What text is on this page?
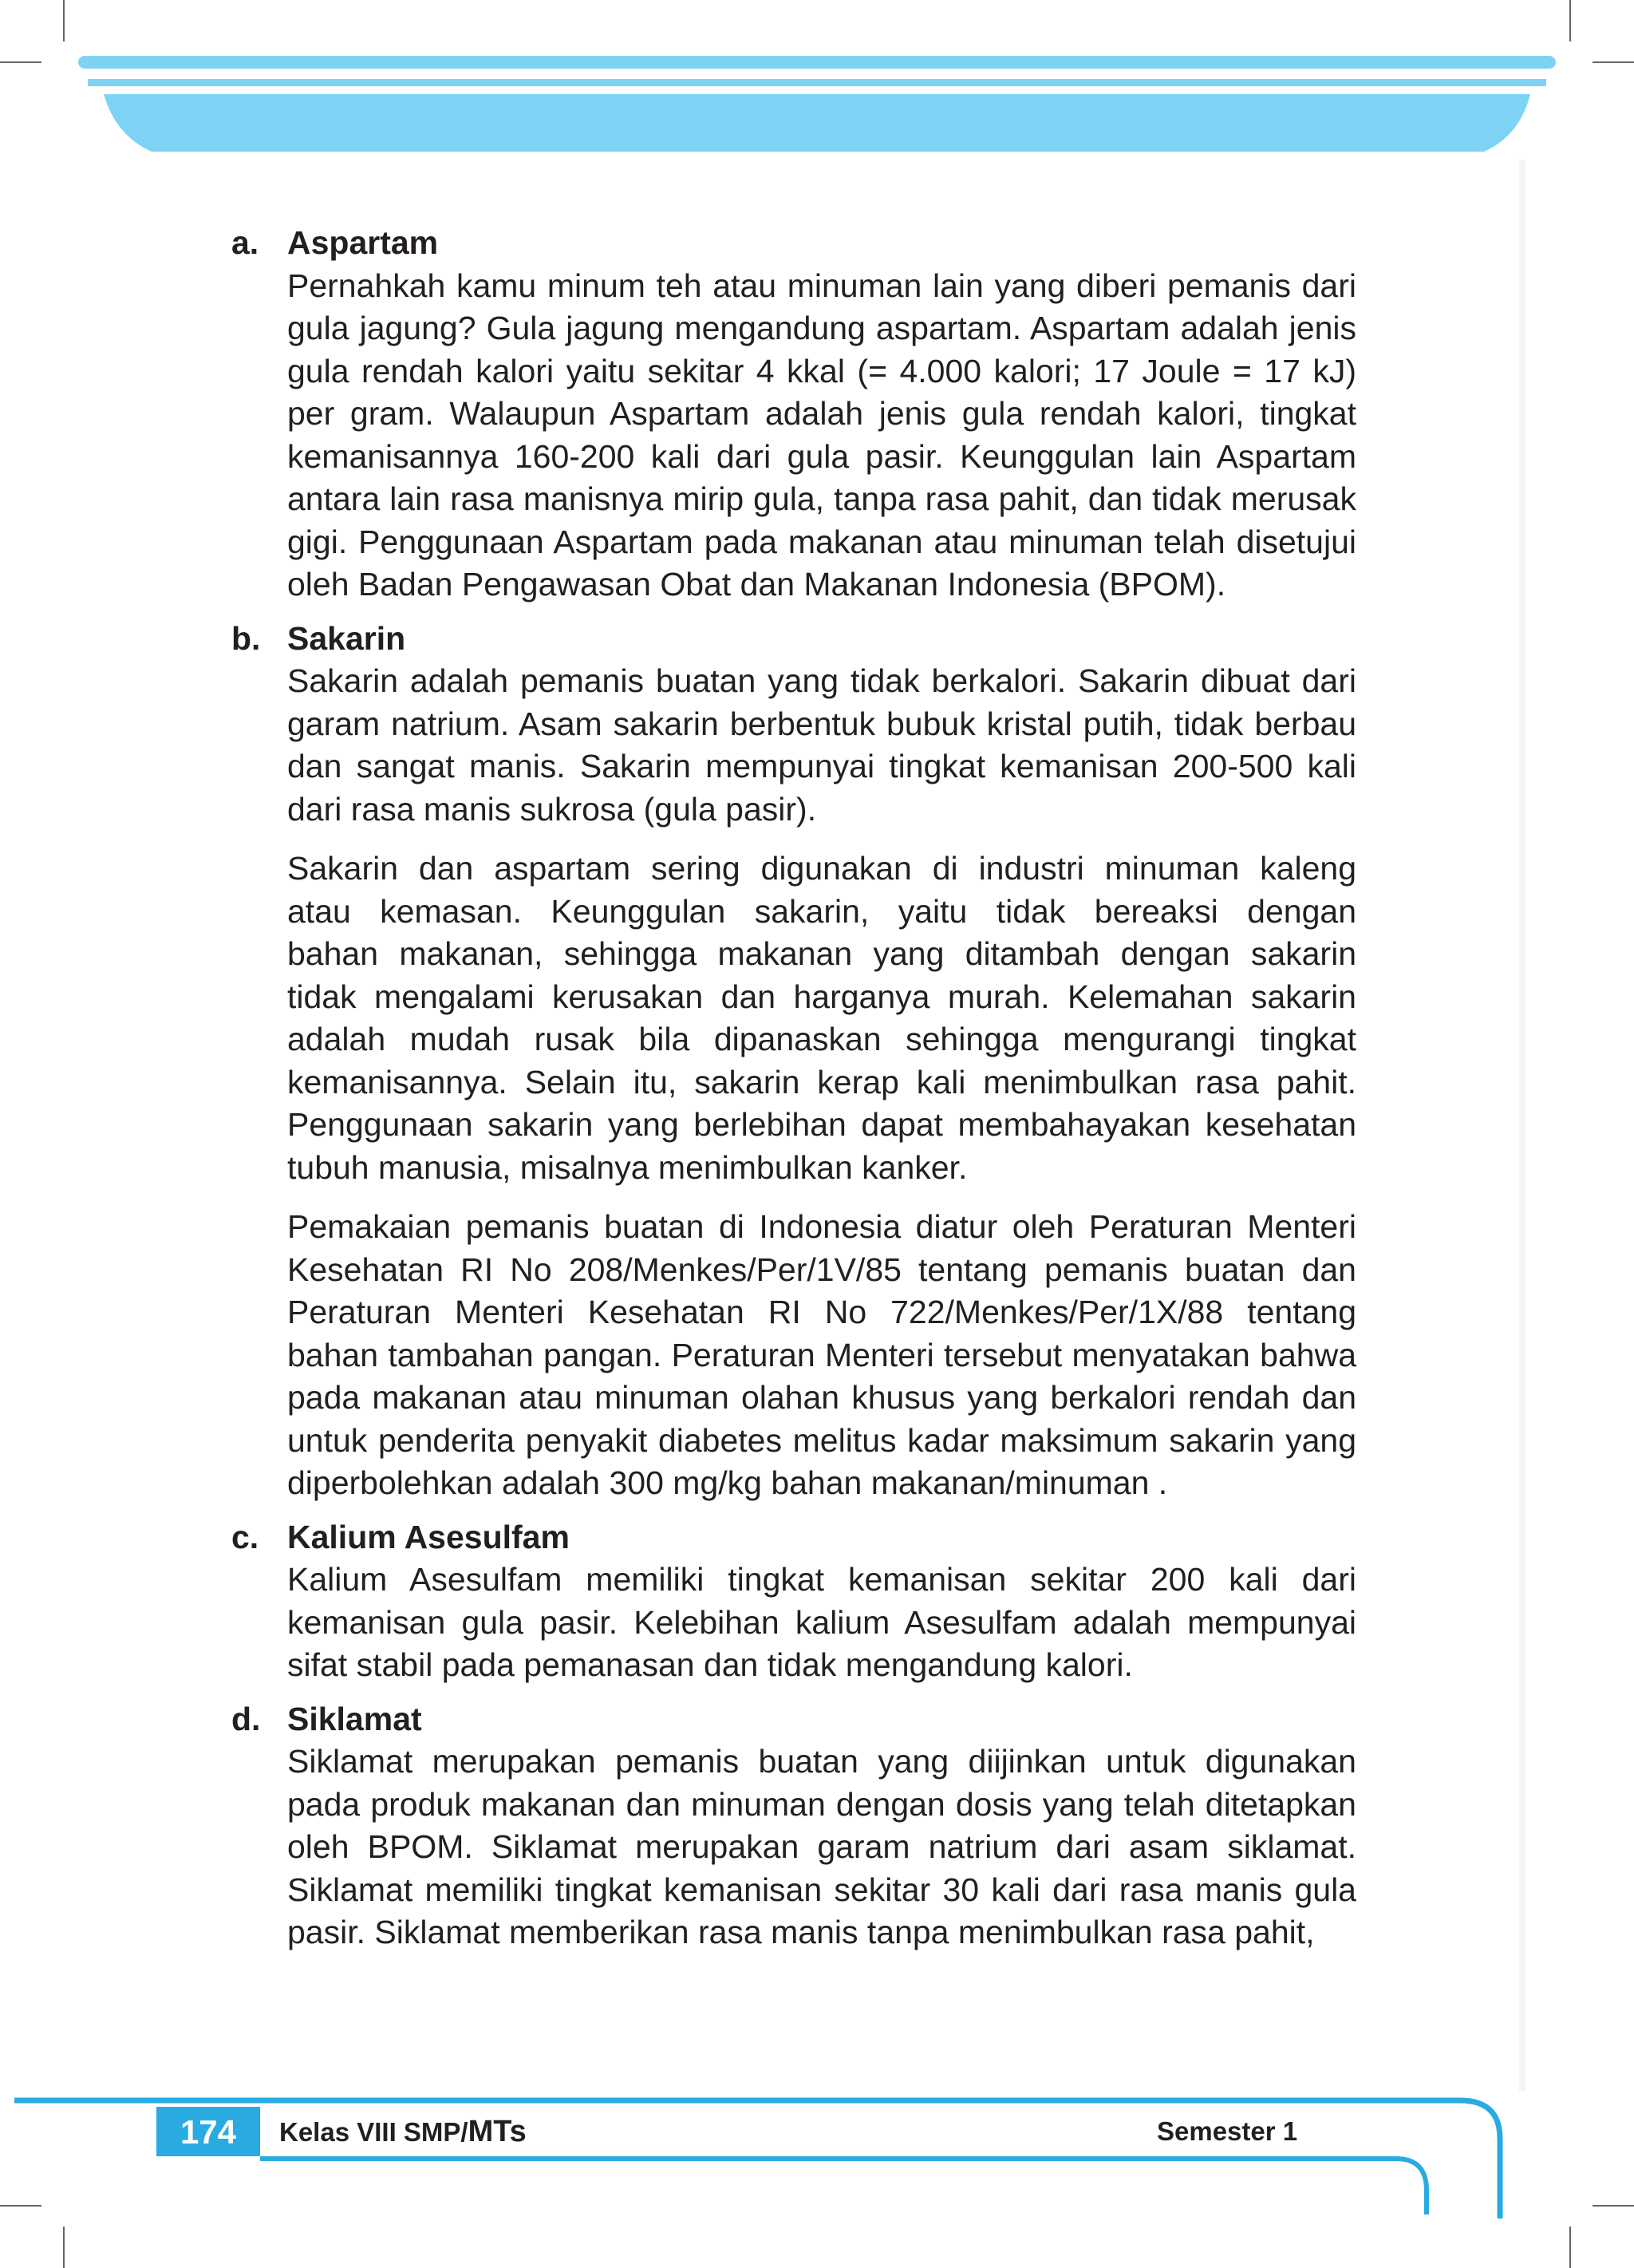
a. Aspartam
Pernahkah kamu minum teh atau minuman lain yang diberi pemanis dari
gula jagung? Gula jagung mengandung aspartam. Aspartam adalah jenis
gula rendah kalori yaitu sekitar 4 kkal (= 4.000 kalori; 17 Joule = 17 kJ)
per gram. Walaupun Aspartam adalah jenis gula rendah kalori, tingkat
kemanisannya 160-200 kali dari gula pasir. Keunggulan lain Aspartam
antara lain rasa manisnya mirip gula, tanpa rasa pahit, dan tidak merusak
gigi. Penggunaan Aspartam pada makanan atau minuman telah disetujui
oleh Badan Pengawasan Obat dan Makanan Indonesia (BPOM).
b. Sakarin
Sakarin adalah pemanis buatan yang tidak berkalori. Sakarin dibuat dari
garam natrium. Asam sakarin berbentuk bubuk kristal putih, tidak berbau
dan sangat manis. Sakarin mempunyai tingkat kemanisan 200-500 kali
dari rasa manis sukrosa (gula pasir).
Sakarin dan aspartam sering digunakan di industri minuman kaleng
atau kemasan. Keunggulan sakarin, yaitu tidak bereaksi dengan
bahan makanan, sehingga makanan yang ditambah dengan sakarin
tidak mengalami kerusakan dan harganya murah. Kelemahan sakarin
adalah mudah rusak bila dipanaskan sehingga mengurangi tingkat
kemanisannya. Selain itu, sakarin kerap kali menimbulkan rasa pahit.
Penggunaan sakarin yang berlebihan dapat membahayakan kesehatan
tubuh manusia, misalnya menimbulkan kanker.
Pemakaian pemanis buatan di Indonesia diatur oleh Peraturan Menteri
Kesehatan RI No 208/Menkes/Per/1V/85 tentang pemanis buatan dan
Peraturan Menteri Kesehatan RI No 722/Menkes/Per/1X/88 tentang
bahan tambahan pangan. Peraturan Menteri tersebut menyatakan bahwa
pada makanan atau minuman olahan khusus yang berkalori rendah dan
untuk penderita penyakit diabetes melitus kadar maksimum sakarin yang
diperbolehkan adalah 300 mg/kg bahan makanan/minuman .
c. Kalium Asesulfam
Kalium Asesulfam memiliki tingkat kemanisan sekitar 200 kali dari
kemanisan gula pasir. Kelebihan kalium Asesulfam adalah mempunyai
sifat stabil pada pemanasan dan tidak mengandung kalori.
d. Siklamat
Siklamat merupakan pemanis buatan yang diijinkan untuk digunakan
pada produk makanan dan minuman dengan dosis yang telah ditetapkan
oleh BPOM. Siklamat merupakan garam natrium dari asam siklamat.
Siklamat memiliki tingkat kemanisan sekitar 30 kali dari rasa manis gula
pasir. Siklamat memberikan rasa manis tanpa menimbulkan rasa pahit,
174	Kelas VIII SMP/MTs	Semester 1
